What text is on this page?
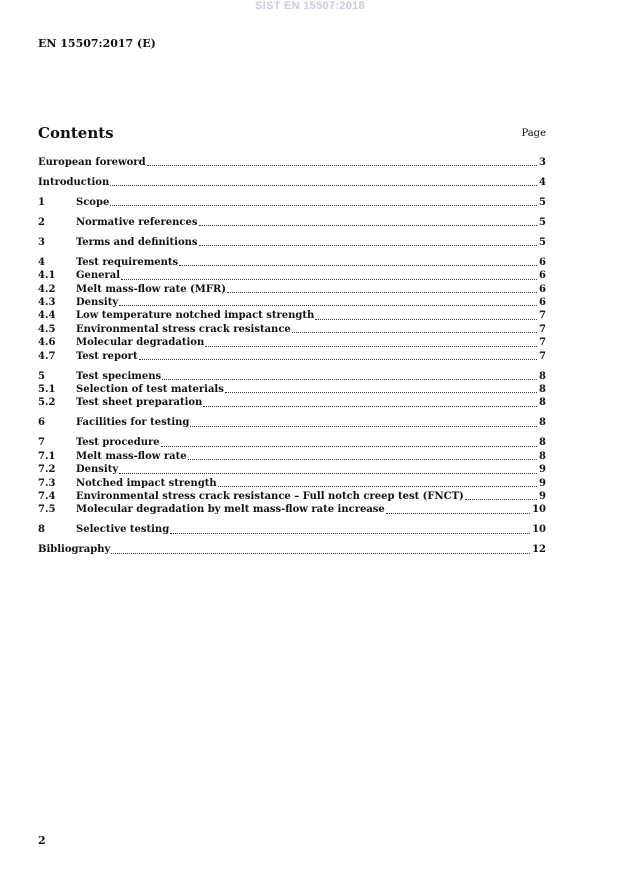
SIST EN 15507:2018
EN 15507:2017 (E)
Contents	Page
European foreword	3
Introduction	4
1	Scope	5
2	Normative references	5
3	Terms and definitions	5
4	Test requirements	6
4.1	General	6
4.2	Melt mass-flow rate (MFR)	6
4.3	Density	6
4.4	Low temperature notched impact strength	7
4.5	Environmental stress crack resistance	7
4.6	Molecular degradation	7
4.7	Test report	7
5	Test specimens	8
5.1	Selection of test materials	8
5.2	Test sheet preparation	8
6	Facilities for testing	8
7	Test procedure	8
7.1	Melt mass-flow rate	8
7.2	Density	9
7.3	Notched impact strength	9
7.4	Environmental stress crack resistance – Full notch creep test (FNCT)	9
7.5	Molecular degradation by melt mass-flow rate increase	10
8	Selective testing	10
Bibliography	12
2
